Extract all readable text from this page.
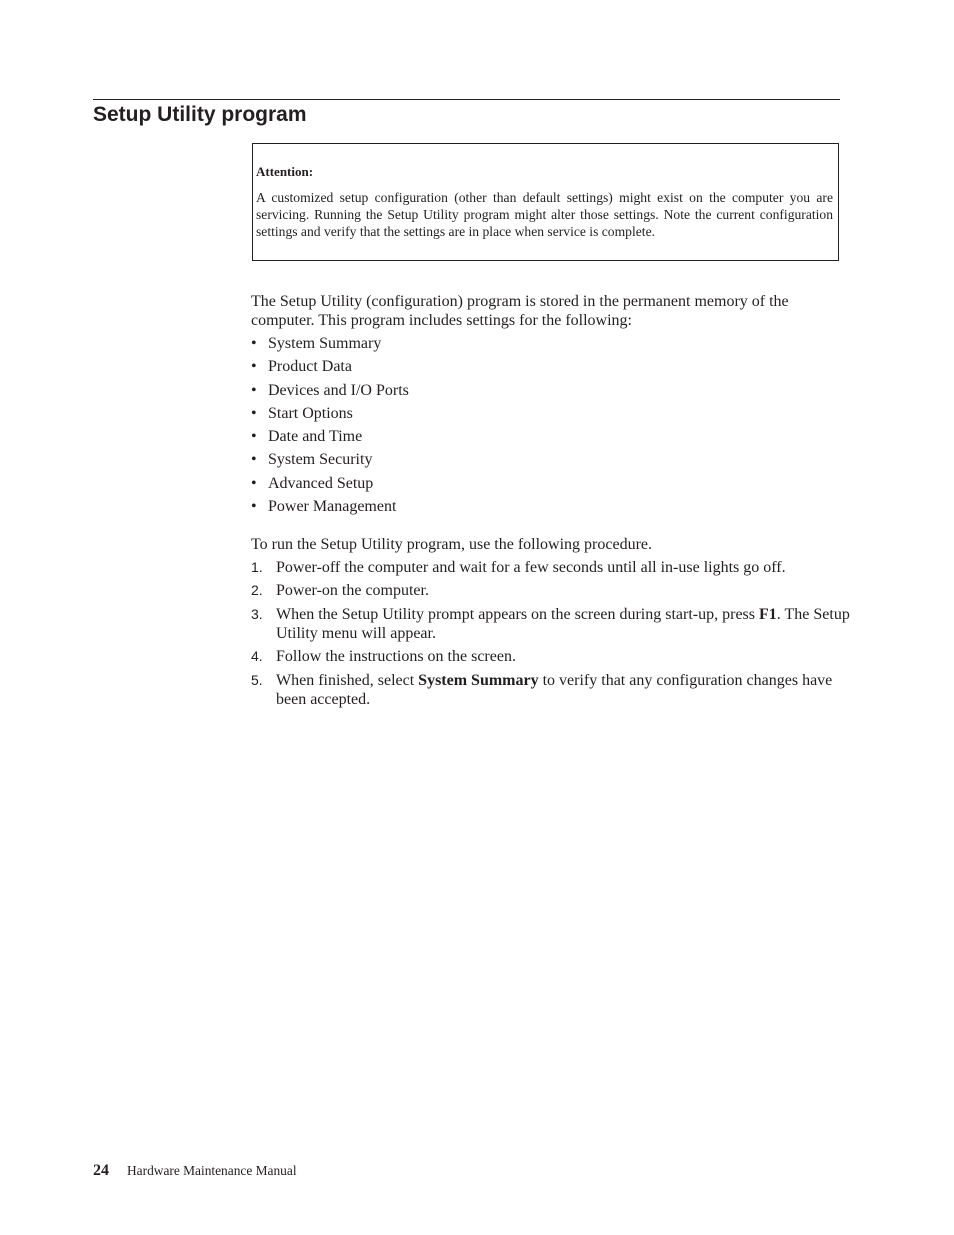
Setup Utility program

Attention:

A customized setup configuration (other than default settings) might exist on the computer you are servicing. Running the Setup Utility program might alter those settings. Note the current configuration settings and verify that the settings are in place when service is complete.

The Setup Utility (configuration) program is stored in the permanent memory of the computer. This program includes settings for the following:

• System Summary
• Product Data
• Devices and I/O Ports
• Start Options
• Date and Time
• System Security
• Advanced Setup
• Power Management

To run the Setup Utility program, use the following procedure.

1. Power-off the computer and wait for a few seconds until all in-use lights go off.
2. Power-on the computer.
3. When the Setup Utility prompt appears on the screen during start-up, press F1. The Setup Utility menu will appear.
4. Follow the instructions on the screen.
5. When finished, select System Summary to verify that any configuration changes have been accepted.
24 Hardware Maintenance Manual
